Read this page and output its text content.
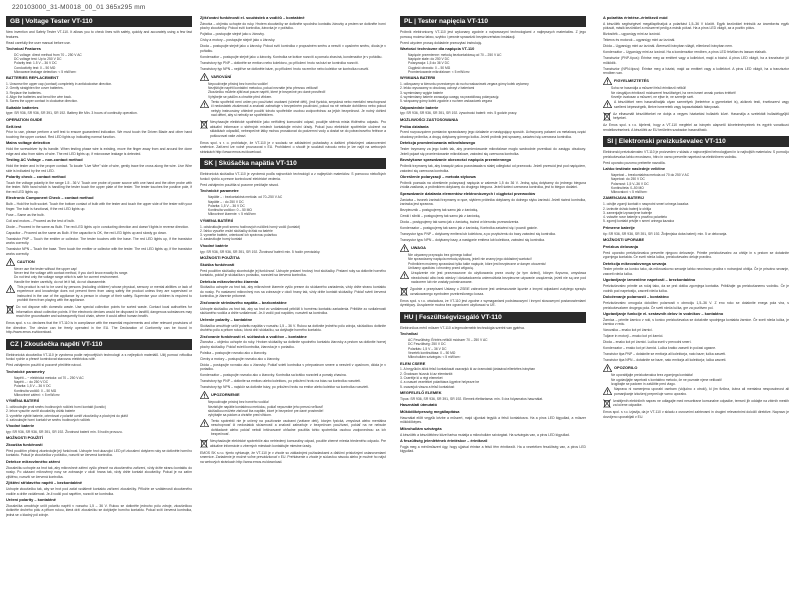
220103000_31-M0018_00_01 365x295 mm
GB | Voltage Tester VT-110
New invention and Safety Tester VT-110. It allows you to check lines with safety, quickly and accurately using a few fast features.
Read carefully the user manual before use.
Technical Features
DC voltage: direct method from 70 – 250 V AC
DC voltage test: Up to 250 V DC
Polarity test: 1.5 V – 36 V DC
Conductivity test: 0 – 50 MΩ
Microwave leakage detection: < 5 mW/cm²
BATTERIES REPLACEMENT
1. Unscrew the upper cap (contact) completely in anticlockwise direction.
2. Gently straighten the cover batteries.
3. Replace the batteries.
4. Align the batteries and bend the wire back.
5. Screw the upper contact in clockwise direction.
Suitable batteries
type: SR 936, SR 936, SR 391, SR 192. Battery life Min. 3 hours of continuity operation.
OPERATION GUIDE
Self-test
Prior to use, please perform a self test to ensure guaranteed indication. We must touch the Driven Blade and other hand touching the upper contact. Red LED lights up indicating normal function.
Mains voltage detection
Hold the screwdriver by its handle. When testing phase wire is existing, move the finger away from and around the done edge and also from sides of wire. The red LED lights up, if microwave leakage is detected.
Testing AC Voltage – non-contact method
Hold the tester and in the proper contact. To locate "Live Wire" side of wire, gently trace the cross along the wire. Live Wire side is indicated by the red LED.
Polarity check – contact method
Touch the voltage polarity in the range 1.5 - 36 V. Touch one probe of power source with one hand and the other probe with the tester. With hand which is handling the tester touch the upper plate of the tester. The tester touches the positive pole, if the red LED lights up.
Electronic Component Check – contact method
Bulb – Hold the bulb socket. Touch the bottom contact of bulb with the tester and touch the upper side of the tester with your finger. The bulb is functional, if the red LED lights up.
Fuse – Same as the bulb.
Coil and motors – Proceed as the test of bulb.
Diode – Proceed in the same as Bulb. The red LED lights up in conducting direction and doesn't lights in reverse direction.
Capacitor – Proceed as the same as Bulb. If the capacitor is OK, the red LED lights up and slowly go down.
Transistor PNP – Touch the emitter or collector. The tester touches with the base. The red LED lights up, if the transistor works correctly.
Transistor NPN – Touch the base. Then touch the emitter or collector with the tester. The red LED lights up, if the transistor works correctly.
CAUTION
Never use the tester without the upper cap!
Never test the voltage with contact method, if you don't know exactly its range.
Do not test only the voltage range which is safe for current environment.
Handle the tester carefully, do not let it fall, do not disassemble.
This product is not to be used by persons (including children) whose physical, sensory or mental abilities or lack of experience and knowledge does not prevent them from using safely the product unless they are supervised or instructed in the use of the appliance by a person in charge of their safety. Supervise your children is required to prohibit them from playing with the appliance.
Do not dispose with domestic waste. Use special collection points for sorted waste. Contact local authorities for information about collection points. If the electronic devices would be disposed in landfill, dangerous substances may reach the groundwater and subsequently food chain, where it could affect human health.
Emos spol. s r.o. declares that the VT-110 is in compliance with the essential requirements and other relevant provisions of the directive. The device can be freely operated in the EU. The Declaration of Conformity can be found in http://www.emos.eu/download.
CZ | Zkoušečka napětí VT-110
Elektronická zkoušečka VT-110 je vyrobena podle nejnovějších technologií a s nejlepších materiálů. Užij pomocí několika funkcí rychle a přesně kontrolovat stavovou elektrickou sítě.
Před zahájením použití si pozorně přečtěte návod.
Technické parametry
Napětí – ~ elektrická metoda: od 70 – 250 V AC
Napětí – : do 250 V DC
Polarita: 1,5 V – 36 V DC
Kontinuita vodičů: 0 – 50 MΩ
Mikrovlnné záření: < 5 mW/cm²
VÝMĚNA BATERIÍ
1. odšroubujte proti směru hodinových ručiček horní kontakt (kondic)
2. lehce vysuňte uvnitř zkoušečky držák baterie
3. vyměňte vybité baterie, orientovat v polaritě uvnitř zkoušečky a plochými do plášť
4. zašroubujte horní kontakt ve směru hodinových ručiček
Vhodné baterie
typ: SR 936, SR 936, SR 391, SR 192. Životnost baterií min. 5 hodin provozu.
MOŽNOSTI POUŽITÍ
Zkouška funkčnosti
Před použitím přístroj zkontrolujte její funkčnost. Uchopte hrot ukazující LED při zkoušení dotykem ruky se dotkněte horního kontaktu. Pokud je zkoušečka v pořádku, rozsvítí se červená kontrolka.
Detekce mikrovlnného záření
Zkoušečku uchopte za hrot tak, aby mikrovlnné záření vyšlo přesně na zkoušeného zařízení, vždy držte stranu kontaktu do nosky. Po ukázaní mikrovlnný nosy se zobrazuje v okolí hrana tak, vždy držte kontakt zkoušečky. Pokud je na zatím zjištěno, rozsvítí se červená kontrolka.
Zjištění střídavého napětí – bezkontaktně
Uchopte zkoušečku tak, aby se hrot pod zaťat vzdáleně kontaktu zařízení zkoušečky. Přiložte ze vzdálenosti zkoušeného vodiče a držte vzdálenost. Je-li vodič pod napětím, rozsvítí se kontrolka.
Určení polarity – kontaktně
Zkoušečka umožňuje určit polaritu napětí v rozsahu 1,5 – 36 V. Rukou se dotkněte jednoho pólu zdroje, zkoušečkou dotkněte druhého pólu a přitom rukou, která drží zkoušečku se dotýkejte horního kontaktu. Pokud svítí červená kontrolka, jedná se o kladný pól zdroje.
Zjišťování funkčnosti el. součástek a vodičů – kontaktně
Žárovka – objímku uchopte do ruky. Hrotem zkoušečky se dotkněte spodního kontaktu žárovky a prstem se dotkněte horní plochy zkoušečky. Pokud svítí kontrolka, žárovka je v pořádku.
Pojistka – postupujte stejně jako u žárovky.
Cívky a motory – postupujte stejně jako u žárovky.
Dioda – postupujte stejně jako u žárovky. Pokud svítí kontrolka v propustném směru a nesvítí v opačném směru, dioda je v pořádku.
Kondenzátor – postupujte stejně jako u žárovky. Kontrolka se krátce rozsvítí a pomalu zhasíná, kondenzátor je v pořádku.
Tranzistory typ PNP – dotkněte se emitoru nebo kolektoru, po přiložení hrotu na bázi se kontrolka rozsvítí.
Tranzistory typ NPN – nejdříve se dotkněte báze, po přiložení hrotu na emitor nebo kolektor se kontrolka rozsvítí.
VAROVÁNÍ
Nepoužívejte přístroj bez horního vodiče!
Nezjišťujte napětí kontaktní metodou, pokud neznáte jeho přesnou velikost!
Zkoušečku můžete zjišťovat pouze napětí, které je bezpečné pro dané prostředí!
Vyhýbejte se pádům a chraňte před vlhkem.
Tento spotřebič není určen pro používání osobami (včetně dětí), jimž fyzická, smyslová nebo mentální neschopnost či nedostatek zkušeností a znalostí zabraňuje v bezpečném používání, pokud na ně nebude dohlíženo nebo pokud nebyly instruovány ohledně použití tohoto spotřebiče osobou zodpovědnou za jejich bezpečnost. Je nutný dohled nad dětmi, aby si nehrály se spotřebičem.
Nevyhazujte elektrické spotřebiče jako netříděný komunální odpad, použijte sběrná místa tříděného odpadu. Pro aktuální informace o sběrných místech kontaktujte místní úřady. Pokud jsou elektrické spotřebiče uložené na skládkách odpadků, nebezpečné látky mohou prosakovat do podzemní vody a dostat se do potravinového řetězce a poškozovat vaše zdraví.
Emos spol. s r. o. prohlašuje, že VT-110 je v souladu se základními požadavky a dalšími příslušnými ustanoveními směrnice. Zařízení lze volně provozovat v EU. Prohlášení o shodě je součástí návodu nebo je lze najít na webových stránkách http://www.emos.eu/download.
SK | Skúšačka napätia VT-110
Elektronická skúšačka VT-110 je vyrobená podľa najnovších technológií a z najlepších materiálov. S pomocou niekoľkých funkcií rýchlo a presne kontrolovať elektrické vedenia.
Pred zahájením použitia si pozorne prečítajte návod.
Technické parametre
Napätie – : bezkontaktná metóda: od 70–250 V AC
Napätie – : do 250 V DC
Polarita: 1,5 V – 36 V DC
Kontinuita vodičov: 0 – 50 MΩ
Mikrovlnné žiarenie: < 5 mW/cm²
VÝMENA BATÉRIÍ
1. odskrutkujte proti smeru hodinových ručičiek horný vodič (kontakt)
2. ľahko vysuňte vnútri skúšačky držiak na batérie
3. vymeňte batérie, orientovať ich správnou polaritou
4. zaskrutkujte horný kontakt
Vhodné batérie
typ: SR 936, SR 936, SR 391, SR 192. Životnosť batérií min. 5 hodín prevádzky.
MOŽNOSTI POUŽITIA
Skúška funkčnosti
Pred použitím skúšačky skontrolujte jej funkčnosť. Uchopte prstami hrotový hrot skúšačky. Prstami ruky sa dotknite horného kontaktu, pokiaľ je skúšačka v poriadku, rozsvieti sa červená kontrolka.
Detekcia mikrovlnného žiarenia
Skúšačku uchopte za hrot tak, aby mikrovlnné žiarenie vyšlo presne do skúšaného zariadenia, vždy držte stranu kontaktu do nosky. Po nastavení mikrovlnný nos sa zobrazuje v okolí hrany tak, vždy držte kontakt skúšačky. Pokiaľ svieti červená kontrolka, je žiarenie prítomné.
Zisťovanie striedavého napätia – bezkontaktne
Uchopte skúšačku za hrot tak, aby sa hrot vo vzdialenosti priblížil k hornému kontaktu zariadenia. Približte zo vzdialenosti skúšaného vodiča a držte vzdialenosť. Je-li vodič pod napätím, rozsvieti sa kontrolka.
Určenie polarity – kontaktne
Skúšačka umožňuje určiť polaritu napätia v rozsahu 1,5 – 36 V. Rukou sa dotknite jedného pólu zdroja, skúšačkou dotknite druhého pólu a pritom rukou, ktorá drží skúšačku, sa dotýkajte horného kontaktu.
Zisťovanie funkčnosti el. súčiastok a vodičov – kontaktne
Žiarovka – objímku uchopte do ruky. Hrotom skúšačky sa dotknite spodného kontaktu žiarovky a prstom sa dotknite hornej plochy skúšačky. Pokiaľ svieti kontrolka, žiarovka je v poriadku.
Poistka – postupujte rovnako ako u žiarovky.
Cievky a motory – postupujte rovnako ako u žiarovky.
Dióda – postupujte rovnako ako u žiarovky. Pokiaľ svieti kontrolka v priepustnom smere a nesvieti v opačnom, dióda je v poriadku.
Kondenzátor – postupujte rovnako ako u žiarovky. Kontrolka sa krátko rozsvieti a pomaly zhasína.
Tranzistory typ PNP – dotknite sa emitoru alebo kolektoru, po priložení hrotu na bázu sa kontrolka rozsvieti.
Tranzistory typ NPN – najskôr sa dotknite bázy, po priložení hrotu na emitor alebo kolektor sa kontrolka rozsvieti.
UPOZORNENIE
Nepoužívajte prístroj bez horného vodiča!
Nezisťujte napätie kontaktnou metódou, pokiaľ nepoznáte jeho presnú veľkosť!
skúšačkou môžete zisťovať iba napätie, ktoré je bezpečné pre dané prostredie!
vyhýbajte sa pádom a chráňte pred vlhkom.
Tento spotrebič nie je určený na používanie osobami (vrátane detí), ktorým fyzická, zmyslová alebo mentálna neschopnosť či nedostatok skúseností a znalostí zabraňuje v bezpečnom používaní, pokiaľ na ne nebude dohliadané alebo pokiaľ neboli inštruované ohľadne použitia tohto spotrebiča osobou zodpovednou za ich bezpečnosť.
Nevyhadzujte elektrické spotrebiče ako netriedený komunálny odpad, použite zberné miesta triedeného odpadu. Pre aktuálne informácie o zberných miestach kontaktujte miestne úrady.
EMOS SK s.r.o. týmto vyhlasuje, že VT-110 je v zhode so základnými požiadavkami a ďalšími príslušnými ustanoveniami smernice. Zariadenie je možné voľne prevádzkovať v EU. Prehlásenie o zhode je súčasťou návodu alebo je možné ho nájsť na webových stránkach http://www.emos.eu/download.
PL | Tester napięcia VT-110
Próbnik elektroniczny VT-110 jest wykonany zgodnie z najnowszymi technologiami z najlepszych materiałów. Z jego pomocą możesz łatwo, szybko i pewnie sprawdzić bezpieczeństwo instalacji.
Przed użyciem proszę dokładnie przeczytać instrukcję.
Wartości techniczne dla napięcia VT-110
Napięcie przemienne: metodą bezkontaktową od 70 – 250 V AC
Napięcie stałe: do 250 V DC
Polaryzacja: 1,5 do 36 V DC
Ciągłość obwodu: 0 – 50 MΩ
Promieniowanie mikrofalowe: < 5 mW/cm²
WYMIANA BATERII
1. odkręcamy w kierunku przeciwnym do ruchu wskazówek zegara górny kołek wyłomny
2. lekko wysuwamy w obudowę uchwyt z bateriami
3. wymieniamy wyjęte baterie
4. wymieniamy baterie zwracając uwagę na prawidłową polaryzację
5. wkręcamy górny kołek zgodnie z ruchem wskazówek zegara
Odpowiednie baterie
typ: SR 936, SR 936, SR 391, SR 192. żywotność baterii: min. 5 godzin pracy.
MOŻLIWOŚCI ZASTOSOWANIA
Próba działania
Przed rozpoczęciem pomiarów sprawdzamy jego działanie w następujący sposób. Uchwycony palcami za metalową część obudowy próbnika, a drugą dotykamy górnego kołka. Jeżeli próbnik jest sprawny, zaświeci się czerwona kontrolka.
Detekcja promieniowania mikrofalowego
Tester trzymamy za jego kołek tak, aby promieniowanie mikrofalowe mogło swobodnie przenikać do zasięgu obudowy. Jeżeli pojawi się promieniowanie mikrofalowe, zaświeci się czerwona kontrolka.
Bezstykowe sprawdzanie obecności napięcia przemiennego
Próbnik trzymamy tak, aby krawędź palca pozostawała w stałej odległości od przewodu. Jeżeli przewód jest pod napięciem, zaświeci się czerwona kontrolka.
Określenie polaryzacji – metoda stykowa
Próbnik pozwala na określenie polaryzacji napięcia w zakresie 1,5 do 36 V. Jedną ręką dotykamy do jednego bieguna źródła zasilania, a próbnikiem dotykamy do drugiego bieguna. Jeżeli świeci czerwona kontrolka, jest to biegun dodatni.
Sprawdzanie działania elementów elektronicznych i ciągłości przewodów
Żarówka – trzonek żarówki trzymamy w ręce, stykiem próbnika dotykamy do dolnego styku żarówki. Jeżeli świeci kontrolka, żarówka jest sprawna.
Bezpiecznik – postępujemy tak samo jak z żarówką.
Cewki i silniki – postępujemy tak samo jak z żarówką.
Dioda – postępujemy tak samo jak z żarówką, świeci w kierunku przewodzenia.
Kondensator – postępujemy tak samo jak z żarówką. Kontrolka zaświeci się i powoli gaśnie.
Tranzystor typu PNP – dotykamy emitera lub kolektora, a po przyłożeniu do bazy zaświeci się kontrolka.
Tranzystor typu NPN – dotykamy bazy, a następnie emitera lub kolektora, zaświeci się kontrolka.
UWAGA
Nie używamy przyrządu bez górnego kołka!
Nie sprawdzamy napięcia metodą stykową, jeżeli nie znamy jego dokładnej wartości!
Próbnikiem możemy sprawdzać tylko takie napięcie, które jest bezpieczne w danym otoczeniu!
Unikamy upadków i chronimy przed wilgocią.
Urządzenie nie jest przeznaczone do użytkowania przez osoby (w tym dzieci), którym fizyczna, umysłowa niezdolność albo brak wiedzy i doświadczenia uniemożliwia bezpieczne używanie urządzenia, jeżeli nie są one pod nadzorem lub nie zostały poinstruowane.
Zgodnie z przepisami Ustawy o ZSEiE zabronione jest umieszczanie łącznie z innymi odpadami zużytego sprzętu oznakowanego symbolem przekreślonego kosza.
Emos spol. s r.o. oświadcza, że VT-110 jest zgodne z wymaganiami podstawowymi i innymi stosownymi postanowieniami dyrektywy. Urządzenie można bez ograniczeń użytkować w UE.
HU | Feszültségvizsgáló VT-110
Elektronikus mérő műszer VT-110 a legmodernebb technológia szerint van gyártva.
Technikai
AC Feszültség: Érintés nélküli módszer 70 – 250 V AC
DC Feszültség: 250 V DC
Polaritás: 1,5 V – 36 V DC
Vezeték kontinuitása: 0 – 50 MΩ
Mikrohullám szivárgás: < 5 mW/cm²
ELEM CSERE
1. A hegyükön állók felső kontaktusát csavarjuk ki az óramutató járásával ellentétes irányban
2. Óvatosan húzzuk ki az elemtartót
3. Cserélje ki a régi elemeket
4. a csavart vezetéket polaritásra ügyelve helyezze be
5. csavarjuk vissza a felső kontaktust
MEGFELELŐ ELEMEK
Típus: SR 936, SR 936, SR 391, SR 192. Elemek élettartama: min. 5 óra folyamatos használat.
Használati útmutató
Működőképesség megállapítása
Használat előtt vegyük kézbe a műszert, majd ujjunkat tegyük a felső kontaktusra. Ha a piros LED kigyullad, a műszer működőképes.
Mikrohullám szivárgás
A készülék a készülékhez közel tartva mutatja a mikrohullám szivárgást. Ha szivárgás van, a piros LED kigyullad.
A feszültség jelenlétének érintéskor – érintkező
Fogja meg a mérőműszert úgy, hogy ujjaival érintse a felső fém érintkezőt. Ha a vezetéken feszültség van, a piros LED kigyullad.
A polaritás érintése–érintkező mód
A készülék segítségével megállapíthatjuk a polaritást 1,5–36 V között. Egyik kezünkkel érintsük az áramforrás egyik pólusát, másik kezünkkel a műszerrel pedig a másik pólust. Ha a piros LED világít, az a pozitív pólus.
Biztosíték – ugyanúgy mint az izzónál.
Tekercs és motorok – ugyanúgy mint az izzónál.
Dióda – Ugyanúgy mint az izzónál. Áteresztő irányban világít, ellenkező irányban nem.
Kondenzátor – Ugyanúgy mint az izzónál. Ha a kondenzátor rendben, a piros LED felvillan és lassan elalszik.
Tranzisztor (PNP-típus): Érintse meg az emittert vagy a kollektort, majd a bázist. A piros LED világít, ha a tranzisztor jól működik.
Tranzisztor (NPN-típus): Érintse meg a bázist, majd az emittert vagy a kollektort. A piros LED világít, ha a tranzisztor rendben van.
FIGYELMEZTETÉS
Soha ne használja a műszert felső érintkező nélkül!
Ne vizsgáljon érintkező módszerrel feszültséget, ha nem ismeri annak pontos értékét!
Kezelje óvatosan a műszert, ne ejtse le, ne szerelje szét.
A készüléket nem használhatják olyan személyek (beleértve a gyerekeket is), akiknek testi, érzékszervi vagy szellemi képességeik, illetve ismereteik vagy tapasztalataik hiányosak.
Az elhasznált készülékeket ne dobja a vegyes háztartási hulladék közé. Használja a szelektált hulladékgyűjtő helyeket.
Az Emos spol. s r.o. kijelenti, hogy a VT-110 megfelel az irányelv alapvető követelményeinek és egyéb vonatkozó rendelkezéseinek. A készülék az EU területén szabadon használható.
SI | Elektronski preizkuševalec VT-110
Elektronski preizkuševalec VT-110 je proizveden v skladu z najnovejšimi tehnologijami in iz najboljših materialov. S pomočjo preizkuševalca lahko enostavno, hitro in varno preverite napetost na električnem vodniku.
Pred uporabo pozorno preberite navodila.
Lahko testirate naslednje veličine
Napetost – brezkontaktna metoda od 70 do 250 V AC
Napetost: do 250 V DC
Polarnost: 1,5 V–36 V DC
Kontinuiteta: 0–50 MΩ
Mikrovalovi: < 5 mW/cm²
ZAMENJAVA BATERIJ
1. odvijte zgornji kontakt v nasprotni smeri urinega kazalca
2. izvlecite držalo baterij iz ohišja
3. zamenjajte izpraznjene baterije
4. vstavite nove baterije s pravilno polariteto
5. zgornji kontakt privijte v smeri urinega kazalca
Primerne baterije
tip: SR 936, SR 936, SR 391, SR 192. Življenjska doba baterij: min. 5 ur delovanja.
MOŽNOSTI UPORABE
Preizkus delovanja
Pred uporabo preizkuševalca preverite njegovo delovanje. Primite preizkuševalec za ohišje in s prstom se dotaknite zgornjega kontakta. Če sveti rdeča lučka, preizkuševalec deluje pravilno.
Detekcija mikrovalovnega sevanja
Tester primite za konico tako, da mikrovalovno sevanje lahko neovirano prodira v notranjost ohišja. Če je prisotno sevanje, zasveti rdeča lučka.
Ugotavljanje izmenične napetosti – brezkontaktno
Preizkuševalec primite za ročaj tako, da se prst dotika zgornjega kontakta. Približajte ga preizkušanemu vodniku. Če je vodnik pod napetostjo, zasveti rdeča lučka.
Določevanje polarnosti – kontaktno
Preizkuševalec omogoča določitev polarnosti v območju 1,5–36 V. Z eno roko se dotaknite enega pola vira, s preizkuševalcem drugega pola. Če sveti rdeča lučka, gre za pozitiven pol.
Ugotavljanje funkcije el. sestavnih delov in vodnikov – kontaktno
Žarnica – primite žarnico v roki, s konico preizkuševalca se dotaknite spodnjega kontakta žarnice. Če sveti rdeča lučka, je žarnica v redu.
Varovalka – enako kot pri žarnici.
Tuljave in motorji – enako kot pri žarnici.
Dioda – enako kot pri žarnici. Lučka sveti v prevodni smeri.
Kondenzator – enako kot pri žarnici. Lučka kratko zasveti in počasi ugasne.
Tranzistor tipa PNP – dotaknite se emitorja ali kolektorja, nato baze; lučka zasveti.
Tranzistor tipa NPN – dotaknite se baze, nato emitorja ali kolektorja; lučka zasveti.
OPOZORILO
Ne uporabljajte preizkuševalca brez zgornjega kontakta!
Ne ugotavljajte napetosti s kontaktno metodo, če ne poznate njene velikosti!
Izogibajte se padcem in zaščitite pred vlago.
Naprava ni namenjena uporabi osebam (vključno z otroki), ki jim fizična, čutna ali mentalna nesposobnost ali pomanjkanje izkušenj preprečuje varno uporabo.
Izrabljenih električnih naprav ne odlagajte med nesortirane komunalne odpadke, temveč jih oddajte na zbirnih mestih za ločene odpadke.
Emos spol. s r.o. izjavlja, da je VT-110 v skladu z osnovnimi zahtevami in drugimi relevantnimi določili direktive. Napravo je dovoljeno uporabljati v EU.
